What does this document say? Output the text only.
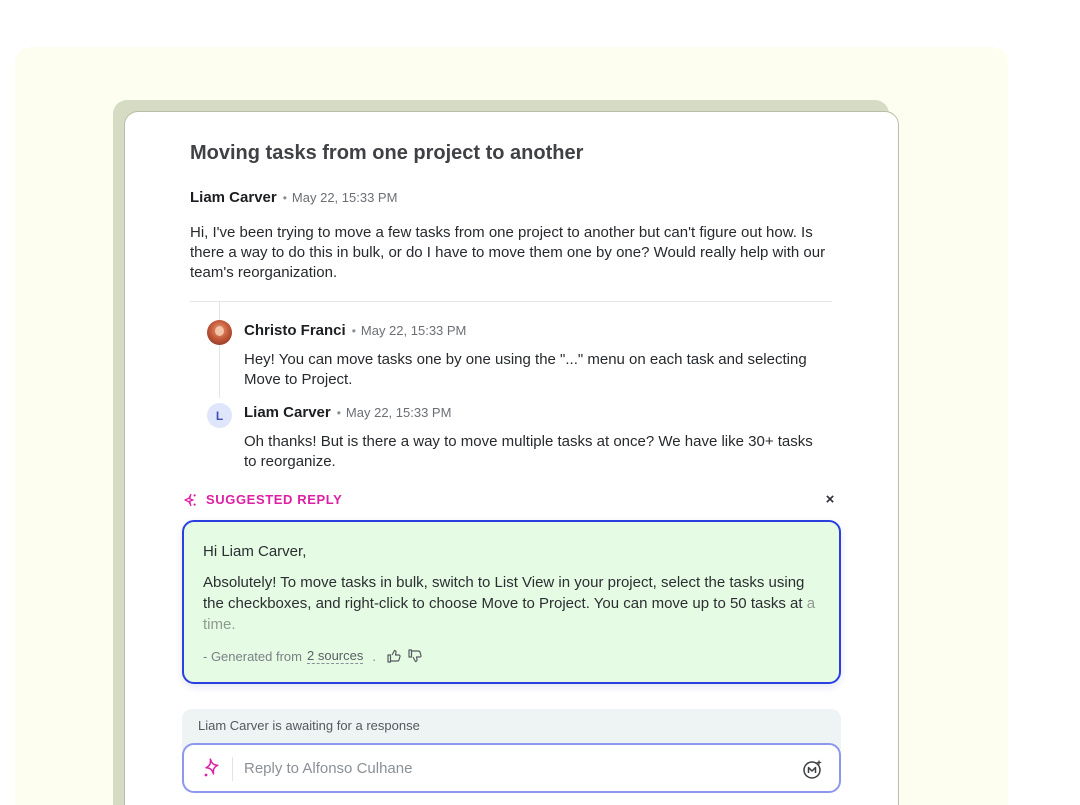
Moving tasks from one project to another
Liam Carver • May 22, 15:33 PM

Hi, I've been trying to move a few tasks from one project to another but can't figure out how. Is there a way to do this in bulk, or do I have to move them one by one? Would really help with our team's reorganization.

Christo Franci • May 22, 15:33 PM

Hey! You can move tasks one by one using the "..." menu on each task and selecting Move to Project.

L	Liam Carver • May 22, 15:33 PM

Oh thanks! But is there a way to move multiple tasks at once? We have like 30+ tasks to reorganize.

SUGGESTED REPLY	×
Hi Liam Carver,
Absolutely! To move tasks in bulk, switch to List View in your project, select the tasks using the checkboxes, and right-click to choose Move to Project. You can move up to 50 tasks at a time.
- Generated from 2 sources .
Liam Carver is awaiting for a response
Reply to Alfonso Culhane
